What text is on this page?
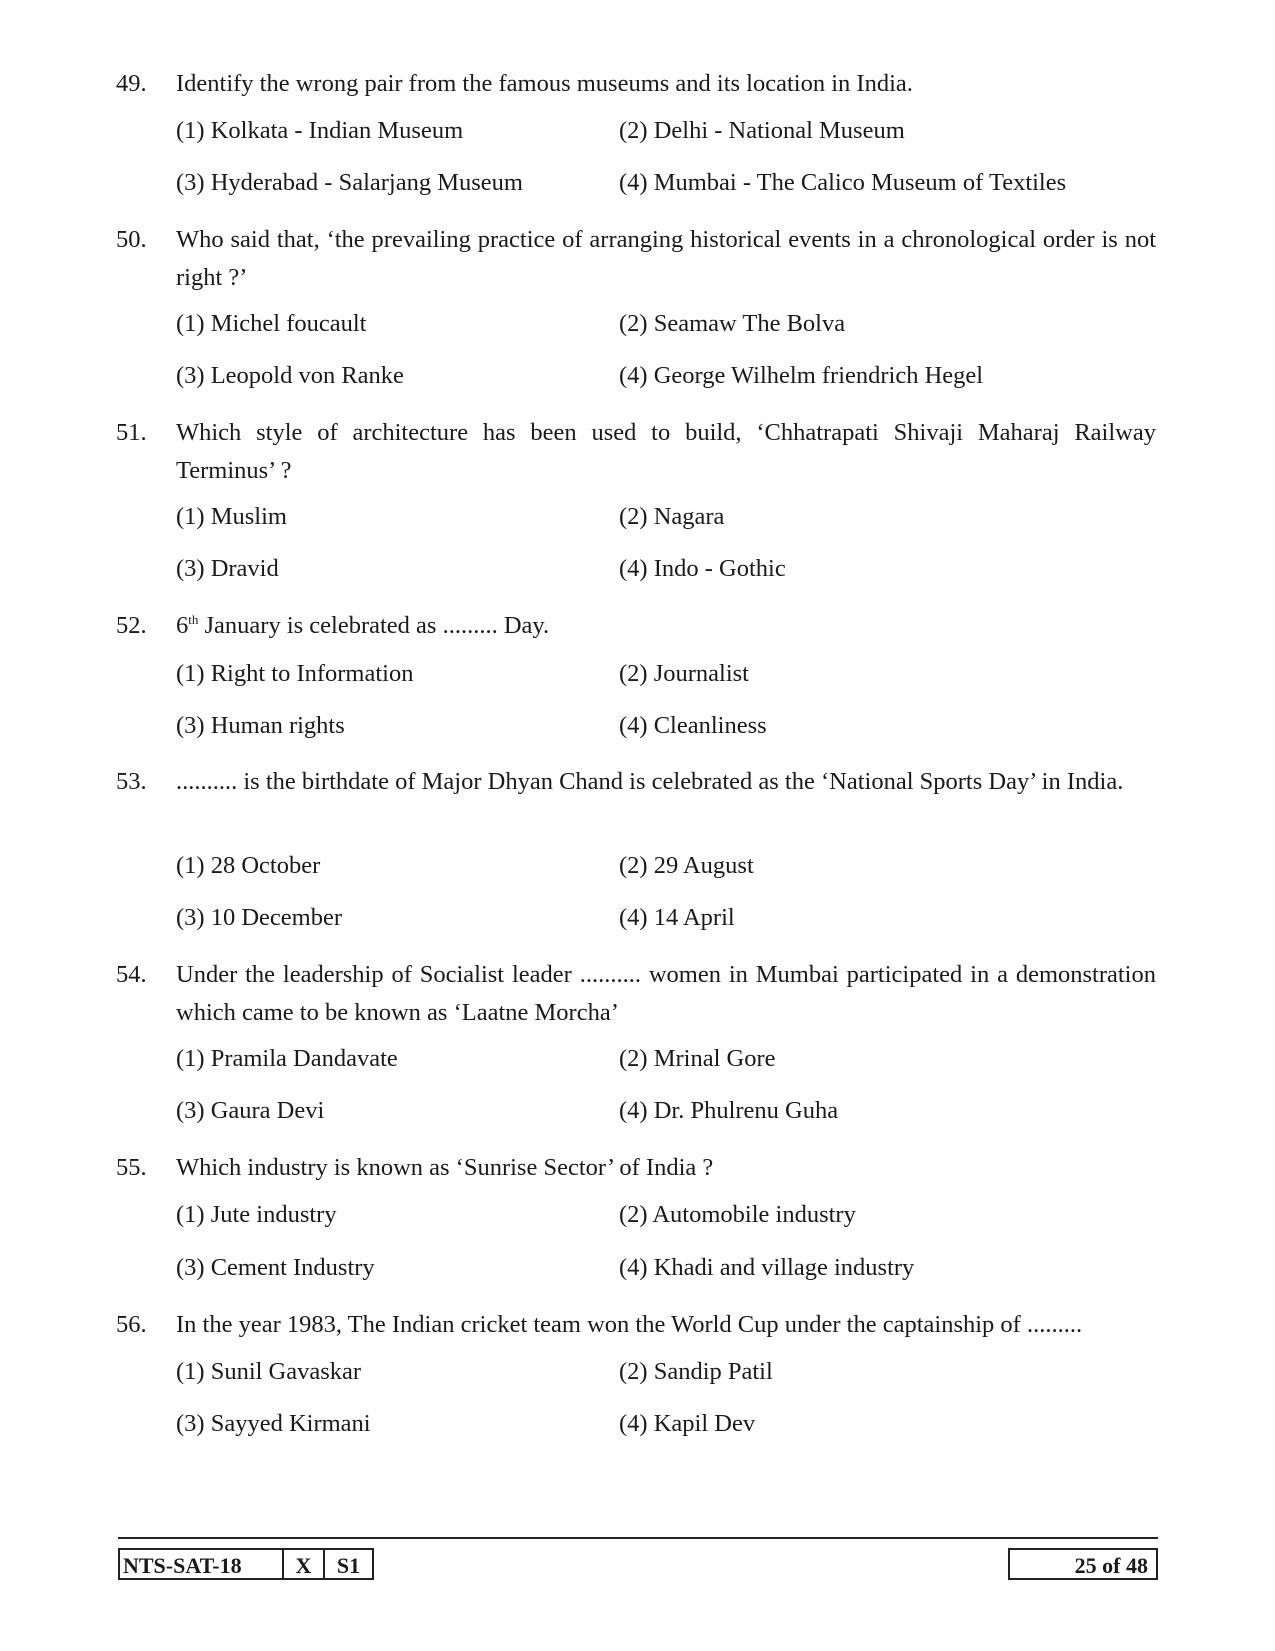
49. Identify the wrong pair from the famous museums and its location in India.
(1) Kolkata - Indian Museum	(2) Delhi - National Museum
(3) Hyderabad - Salarjang Museum	(4) Mumbai - The Calico Museum of Textiles
50. Who said that, ‘the prevailing practice of arranging historical events in a chronological order is not right ?’
(1) Michel foucault	(2) Seamaw The Bolva
(3) Leopold von Ranke	(4) George Wilhelm friendrich Hegel
51. Which style of architecture has been used to build, ‘Chhatrapati Shivaji Maharaj Railway Terminus’ ?
(1) Muslim	(2) Nagara
(3) Dravid	(4) Indo - Gothic
52. 6th January is celebrated as ......... Day.
(1) Right to Information	(2) Journalist
(3) Human rights	(4) Cleanliness
53. .......... is the birthdate of Major Dhyan Chand is celebrated as the ‘National Sports Day’ in India.
(1) 28 October	(2) 29 August
(3) 10 December	(4) 14 April
54. Under the leadership of Socialist leader .......... women in Mumbai participated in a demonstration which came to be known as ‘Laatne Morcha’
(1) Pramila Dandavate	(2) Mrinal Gore
(3) Gaura Devi	(4) Dr. Phulrenu Guha
55. Which industry is known as ‘Sunrise Sector’ of India ?
(1) Jute industry	(2) Automobile industry
(3) Cement Industry	(4) Khadi and village industry
56. In the year 1983, The Indian cricket team won the World Cup under the captainship of .........
(1) Sunil Gavaskar	(2) Sandip Patil
(3) Sayyed Kirmani	(4) Kapil Dev
NTS-SAT-18	X	S1	25 of 48
